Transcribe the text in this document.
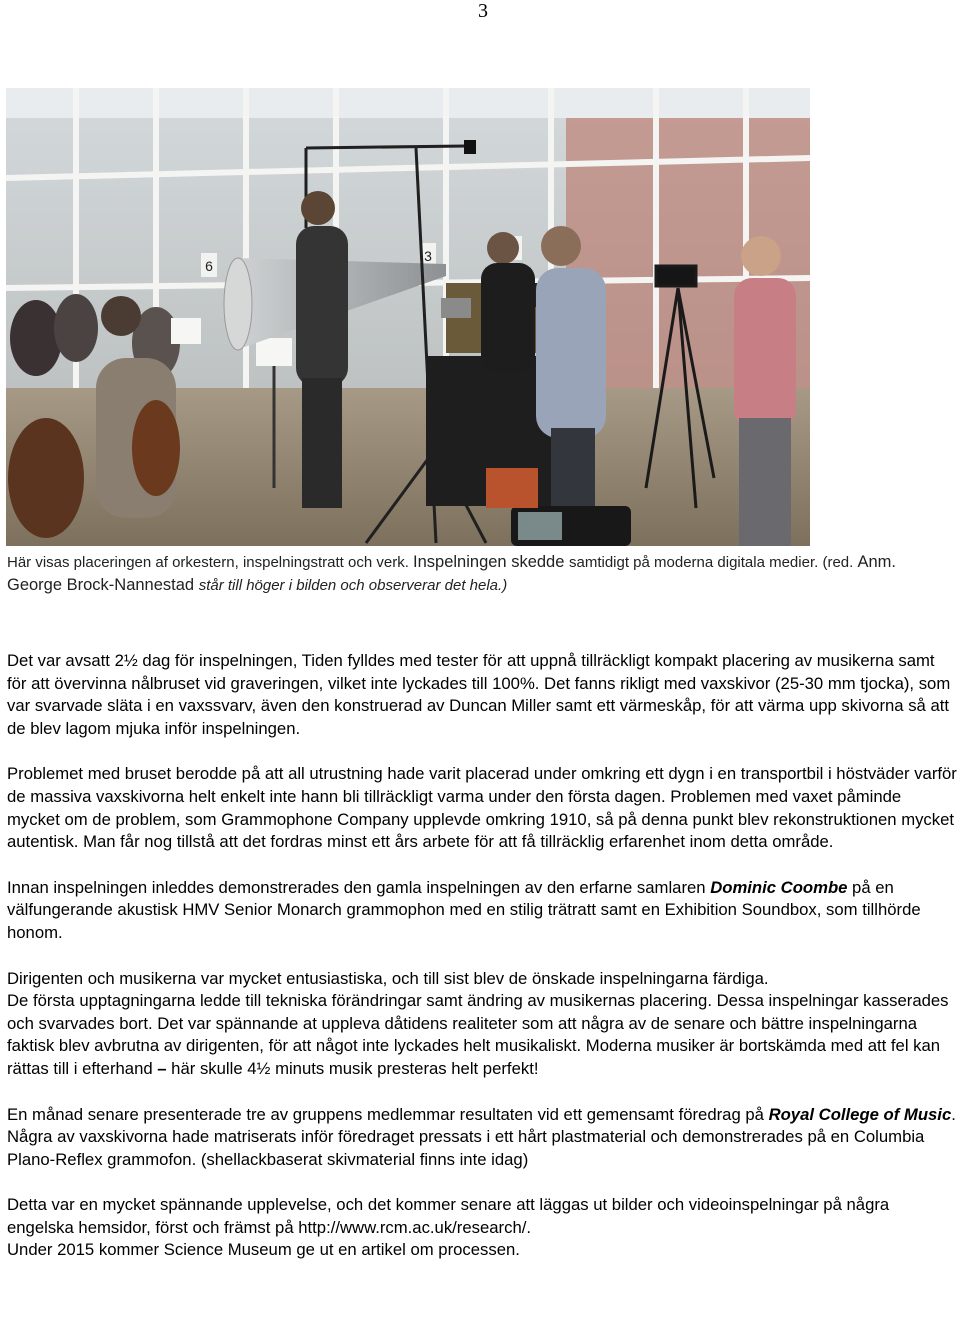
3
6
3
Här visas placeringen af orkestern, inspelningstratt och verk. Inspelningen skedde samtidigt på moderna digitala medier. (red. Anm. George Brock-Nannestad står till höger i bilden och observerar det hela.)

Det var avsatt 2½ dag för inspelningen, Tiden fylldes med tester för att uppnå tillräckligt kompakt placering av musikerna samt för att övervinna nålbruset vid graveringen, vilket inte lyckades till 100%. Det fanns rikligt med vaxskivor (25-30 mm tjocka), som var svarvade släta i en vaxssvarv, även den konstruerad av Duncan Miller samt ett värmeskåp, för att värma upp skivorna så att de blev lagom mjuka inför inspelningen.

Problemet med bruset berodde på att all utrustning hade varit placerad under omkring ett dygn i en transportbil i höstväder varför de massiva vaxskivorna helt enkelt inte hann bli tillräckligt varma under den första dagen. Problemen med vaxet påminde mycket om de problem, som Grammophone Company upplevde omkring 1910, så på denna punkt blev rekonstruktionen mycket autentisk. Man får nog tillstå att det fordras minst ett års arbete för att få tillräcklig erfarenhet inom detta område.

Innan inspelningen inleddes demonstrerades den gamla inspelningen av den erfarne samlaren Dominic Coombe på en välfungerande akustisk HMV Senior Monarch grammophon med en stilig trätratt samt en Exhibition Soundbox, som tillhörde honom.

Dirigenten och musikerna var mycket entusiastiska, och till sist blev de önskade inspelningarna färdiga.
De första upptagningarna ledde till tekniska förändringar samt ändring av musikernas placering. Dessa inspelningar kasserades och svarvades bort. Det var spännande at uppleva dåtidens realiteter som att några av de senare och bättre inspelningarna faktisk blev avbrutna av dirigenten, för att något inte lyckades helt musikaliskt. Moderna musiker är bortskämda med att fel kan rättas till i efterhand – här skulle 4½ minuts musik presteras helt perfekt!

En månad senare presenterade tre av gruppens medlemmar resultaten vid ett gemensamt föredrag på Royal College of Music. Några av vaxskivorna hade matriserats inför föredraget pressats i ett hårt plastmaterial och demonstrerades på en Columbia Plano-Reflex grammofon. (shellackbaserat skivmaterial finns inte idag)

Detta var en mycket spännande upplevelse, och det kommer senare att läggas ut bilder och videoinspelningar på några engelska hemsidor, först och främst på http://www.rcm.ac.uk/research/.

Under 2015 kommer Science Museum ge ut en artikel om processen.
